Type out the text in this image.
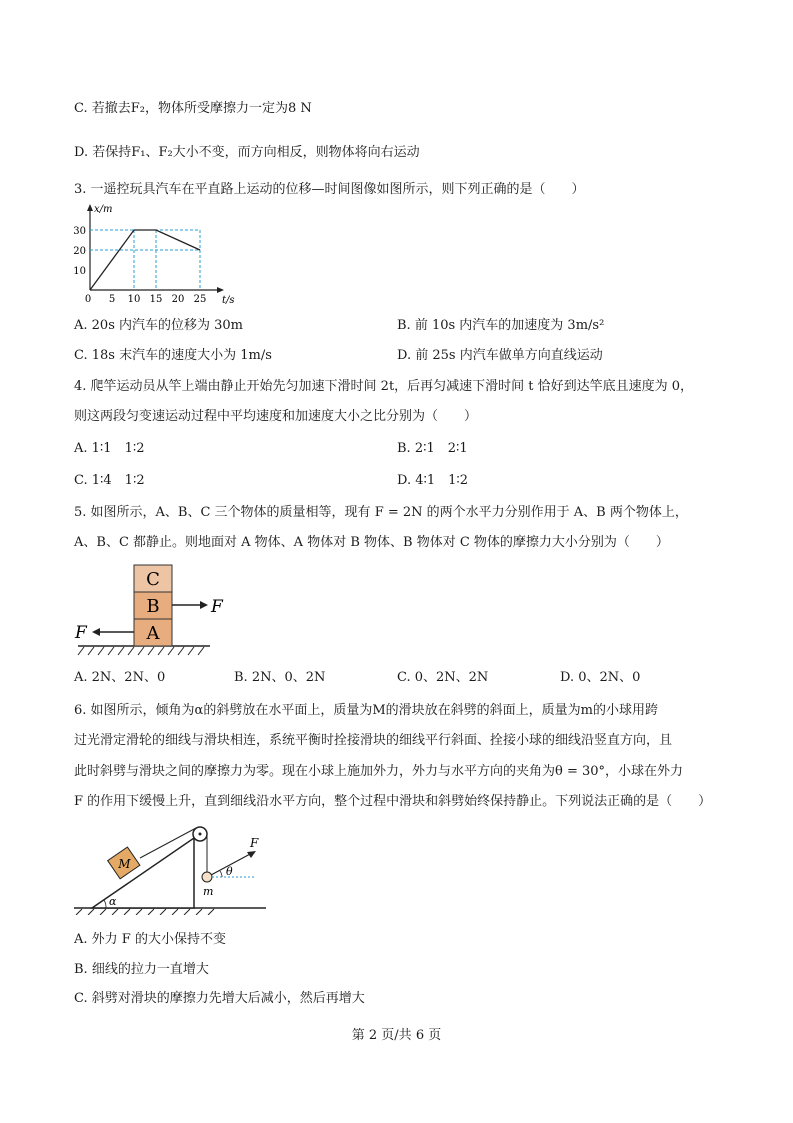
C. 若撤去F₂，物体所受摩擦力一定为8 N
D. 若保持F₁、F₂大小不变，而方向相反，则物体将向右运动
3. 一遥控玩具汽车在平直路上运动的位移—时间图像如图所示，则下列正确的是（　　）
0 5 10 15 20 25
10
20
30
t/s
x/m
A. 20s 内汽车的位移为 30m	B. 前 10s 内汽车的加速度为 3m/s²
C. 18s 末汽车的速度大小为 1m/s	D. 前 25s 内汽车做单方向直线运动
4. 爬竿运动员从竿上端由静止开始先匀加速下滑时间 2t，后再匀减速下滑时间 t 恰好到达竿底且速度为 0，
则这两段匀变速运动过程中平均速度和加速度大小之比分别为（　　）
A. 1∶1　1∶2	B. 2∶1　2∶1
C. 1∶4　1∶2	D. 4∶1　1∶2
5. 如图所示，A、B、C 三个物体的质量相等，现有 F = 2N 的两个水平力分别作用于 A、B 两个物体上，
A、B、C 都静止。则地面对 A 物体、A 物体对 B 物体、B 物体对 C 物体的摩擦力大小分别为（　　）
C
B
A
F
F
A. 2N、2N、0	B. 2N、0、2N	C. 0、2N、2N	D. 0、2N、0
6. 如图所示，倾角为α的斜劈放在水平面上，质量为M的滑块放在斜劈的斜面上，质量为m的小球用跨
过光滑定滑轮的细线与滑块相连，系统平衡时拴接滑块的细线平行斜面、拴接小球的细线沿竖直方向，且
此时斜劈与滑块之间的摩擦力为零。现在小球上施加外力，外力与水平方向的夹角为θ = 30°，小球在外力
F 的作用下缓慢上升，直到细线沿水平方向，整个过程中滑块和斜劈始终保持静止。下列说法正确的是（　　）
M
m
F
θ
α
A. 外力 F 的大小保持不变
B. 细线的拉力一直增大
C. 斜劈对滑块的摩擦力先增大后减小，然后再增大
第 2 页/共 6 页
